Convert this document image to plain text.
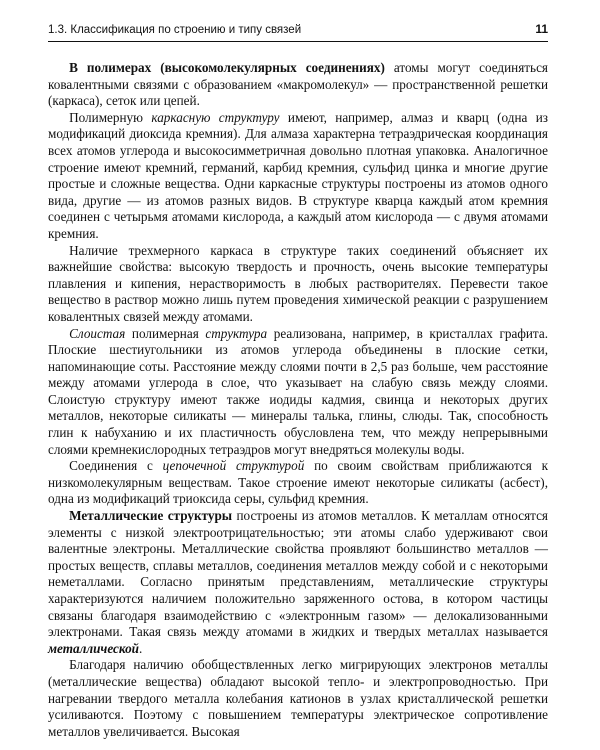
1.3. Классификация по строению и типу связей	11

В полимерах (высокомолекулярных соединениях) атомы могут соединяться ковалентными связями с образованием «макромолекул» — пространственной решетки (каркаса), сеток или цепей.

Полимерную каркасную структуру имеют, например, алмаз и кварц (одна из модификаций диоксида кремния). Для алмаза характерна тетраэдрическая координация всех атомов углерода и высокосимметричная довольно плотная упаковка. Аналогичное строение имеют кремний, германий, карбид кремния, сульфид цинка и многие другие простые и сложные вещества. Одни каркасные структуры построены из атомов одного вида, другие — из атомов разных видов. В структуре кварца каждый атом кремния соединен с четырьмя атомами кислорода, а каждый атом кислорода — с двумя атомами кремния.

Наличие трехмерного каркаса в структуре таких соединений объясняет их важнейшие свойства: высокую твердость и прочность, очень высокие температуры плавления и кипения, нерастворимость в любых растворителях. Перевести такое вещество в раствор можно лишь путем проведения химической реакции с разрушением ковалентных связей между атомами.

Слоистая полимерная структура реализована, например, в кристаллах графита. Плоские шестиугольники из атомов углерода объединены в плоские сетки, напоминающие соты. Расстояние между слоями почти в 2,5 раз больше, чем расстояние между атомами углерода в слое, что указывает на слабую связь между слоями. Слоистую структуру имеют также иодиды кадмия, свинца и некоторых других металлов, некоторые силикаты — минералы талька, глины, слюды. Так, способность глин к набуханию и их пластичность обусловлена тем, что между непрерывными слоями кремнекислородных тетраэдров могут внедряться молекулы воды.

Соединения с цепочечной структурой по своим свойствам приближаются к низкомолекулярным веществам. Такое строение имеют некоторые силикаты (асбест), одна из модификаций триоксида серы, сульфид кремния.

Металлические структуры построены из атомов металлов. К металлам относятся элементы с низкой электроотрицательностью; эти атомы слабо удерживают свои валентные электроны. Металлические свойства проявляют большинство металлов — простых веществ, сплавы металлов, соединения металлов между собой и с некоторыми неметаллами. Согласно принятым представлениям, металлические структуры характеризуются наличием положительно заряженного остова, в котором частицы связаны благодаря взаимодействию с «электронным газом» — делокализованными электронами. Такая связь между атомами в жидких и твердых металлах называется металлической.

Благодаря наличию обобществленных легко мигрирующих электронов металлы (металлические вещества) обладают высокой тепло- и электропроводностью. При нагревании твердого металла колебания катионов в узлах кристаллической решетки усиливаются. Поэтому с повышением температуры электрическое сопротивление металлов увеличивается. Высокая
